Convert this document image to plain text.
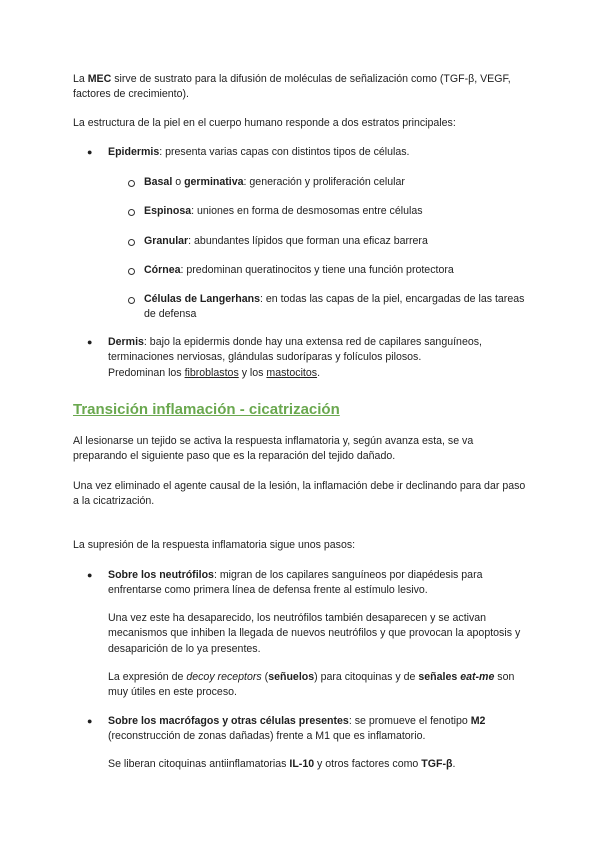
La MEC sirve de sustrato para la difusión de moléculas de señalización como (TGF-β, VEGF, factores de crecimiento).

La estructura de la piel en el cuerpo humano responde a dos estratos principales:

●	Epidermis: presenta varias capas con distintos tipos de células.
Basal o germinativa: generación y proliferación celular
Espinosa: uniones en forma de desmosomas entre células
Granular: abundantes lípidos que forman una eficaz barrera
Córnea: predominan queratinocitos y tiene una función protectora
Células de Langerhans: en todas las capas de la piel, encargadas de las tareas de defensa
●	Dermis: bajo la epidermis donde hay una extensa red de capilares sanguíneos, terminaciones nerviosas, glándulas sudoríparas y folículos pilosos.
Predominan los fibroblastos y los mastocitos.
Transición inflamación - cicatrización

Al lesionarse un tejido se activa la respuesta inflamatoria y, según avanza esta, se va preparando el siguiente paso que es la reparación del tejido dañado.

Una vez eliminado el agente causal de la lesión, la inflamación debe ir declinando para dar paso a la cicatrización.

La supresión de la respuesta inflamatoria sigue unos pasos:

●	Sobre los neutrófilos: migran de los capilares sanguíneos por diapédesis para enfrentarse como primera línea de defensa frente al estímulo lesivo.
Una vez este ha desaparecido, los neutrófilos también desaparecen y se activan mecanismos que inhiben la llegada de nuevos neutrófilos y que provocan la apoptosis y desaparición de lo ya presentes.
La expresión de decoy receptors (señuelos) para citoquinas y de señales eat-me son muy útiles en este proceso.
●	Sobre los macrófagos y otras células presentes: se promueve el fenotipo M2 (reconstrucción de zonas dañadas) frente a M1 que es inflamatorio.
Se liberan citoquinas antiinflamatorias IL-10 y otros factores como TGF-β.
